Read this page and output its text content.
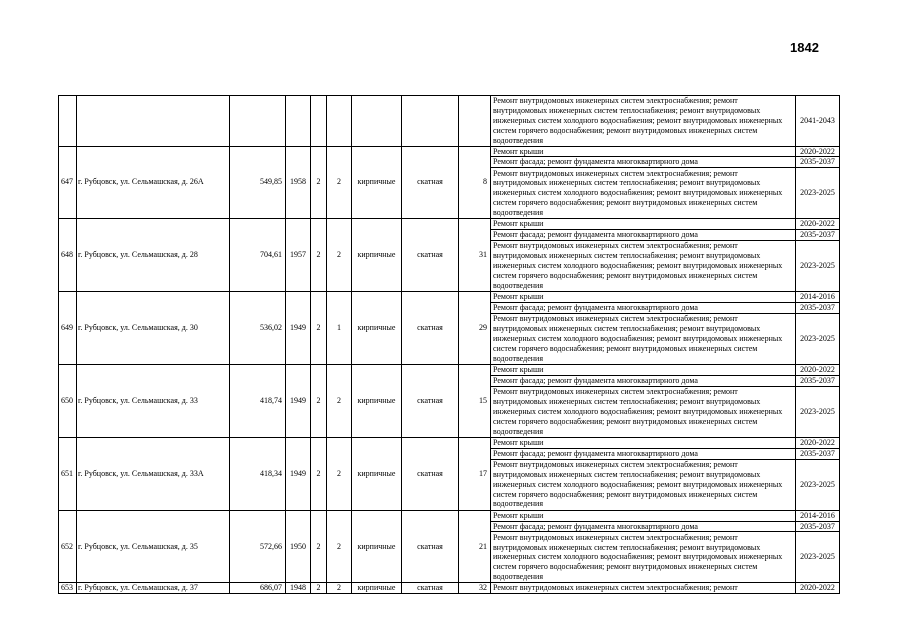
1842
									Ремонт внутридомовых инженерных систем электроснабжения; ремонт внутридомовых инженерных систем теплоснабжения; ремонт внутридомовых инженерных систем холодного водоснабжения; ремонт внутридомовых инженерных систем горячего водоснабжения; ремонт внутридомовых инженерных систем водоотведения	2041-2043
647	г. Рубцовск, ул. Сельмашская, д. 26А	549,85	1958	2	2	кирпичные	скатная	8	Ремонт крыши	2020-2022
									Ремонт фасада; ремонт фундамента многоквартирного дома	2035-2037
									Ремонт внутридомовых инженерных систем электроснабжения; ремонт внутридомовых инженерных систем теплоснабжения; ремонт внутридомовых инженерных систем холодного водоснабжения; ремонт внутридомовых инженерных систем горячего водоснабжения; ремонт внутридомовых инженерных систем водоотведения	2023-2025
648	г. Рубцовск, ул. Сельмашская, д. 28	704,61	1957	2	2	кирпичные	скатная	31	Ремонт крыши	2020-2022
									Ремонт фасада; ремонт фундамента многоквартирного дома	2035-2037
									Ремонт внутридомовых инженерных систем электроснабжения; ремонт внутридомовых инженерных систем теплоснабжения; ремонт внутридомовых инженерных систем холодного водоснабжения; ремонт внутридомовых инженерных систем горячего водоснабжения; ремонт внутридомовых инженерных систем водоотведения	2023-2025
649	г. Рубцовск, ул. Сельмашская, д. 30	536,02	1949	2	1	кирпичные	скатная	29	Ремонт крыши	2014-2016
									Ремонт фасада; ремонт фундамента многоквартирного дома	2035-2037
									Ремонт внутридомовых инженерных систем электроснабжения; ремонт внутридомовых инженерных систем теплоснабжения; ремонт внутридомовых инженерных систем холодного водоснабжения; ремонт внутридомовых инженерных систем горячего водоснабжения; ремонт внутридомовых инженерных систем водоотведения	2023-2025
650	г. Рубцовск, ул. Сельмашская, д. 33	418,74	1949	2	2	кирпичные	скатная	15	Ремонт крыши	2020-2022
									Ремонт фасада; ремонт фундамента многоквартирного дома	2035-2037
									Ремонт внутридомовых инженерных систем электроснабжения; ремонт внутридомовых инженерных систем теплоснабжения; ремонт внутридомовых инженерных систем холодного водоснабжения; ремонт внутридомовых инженерных систем горячего водоснабжения; ремонт внутридомовых инженерных систем водоотведения	2023-2025
651	г. Рубцовск, ул. Сельмашская, д. 33А	418,34	1949	2	2	кирпичные	скатная	17	Ремонт крыши	2020-2022
									Ремонт фасада; ремонт фундамента многоквартирного дома	2035-2037
									Ремонт внутридомовых инженерных систем электроснабжения; ремонт внутридомовых инженерных систем теплоснабжения; ремонт внутридомовых инженерных систем холодного водоснабжения; ремонт внутридомовых инженерных систем горячего водоснабжения; ремонт внутридомовых инженерных систем водоотведения	2023-2025
652	г. Рубцовск, ул. Сельмашская, д. 35	572,66	1950	2	2	кирпичные	скатная	21	Ремонт крыши	2014-2016
									Ремонт фасада; ремонт фундамента многоквартирного дома	2035-2037
									Ремонт внутридомовых инженерных систем электроснабжения; ремонт внутридомовых инженерных систем теплоснабжения; ремонт внутридомовых инженерных систем холодного водоснабжения; ремонт внутридомовых инженерных систем горячего водоснабжения; ремонт внутридомовых инженерных систем водоотведения	2023-2025
653	г. Рубцовск, ул. Сельмашская, д. 37	686,07	1948	2	2	кирпичные	скатная	32	Ремонт внутридомовых инженерных систем электроснабжения; ремонт	2020-2022
